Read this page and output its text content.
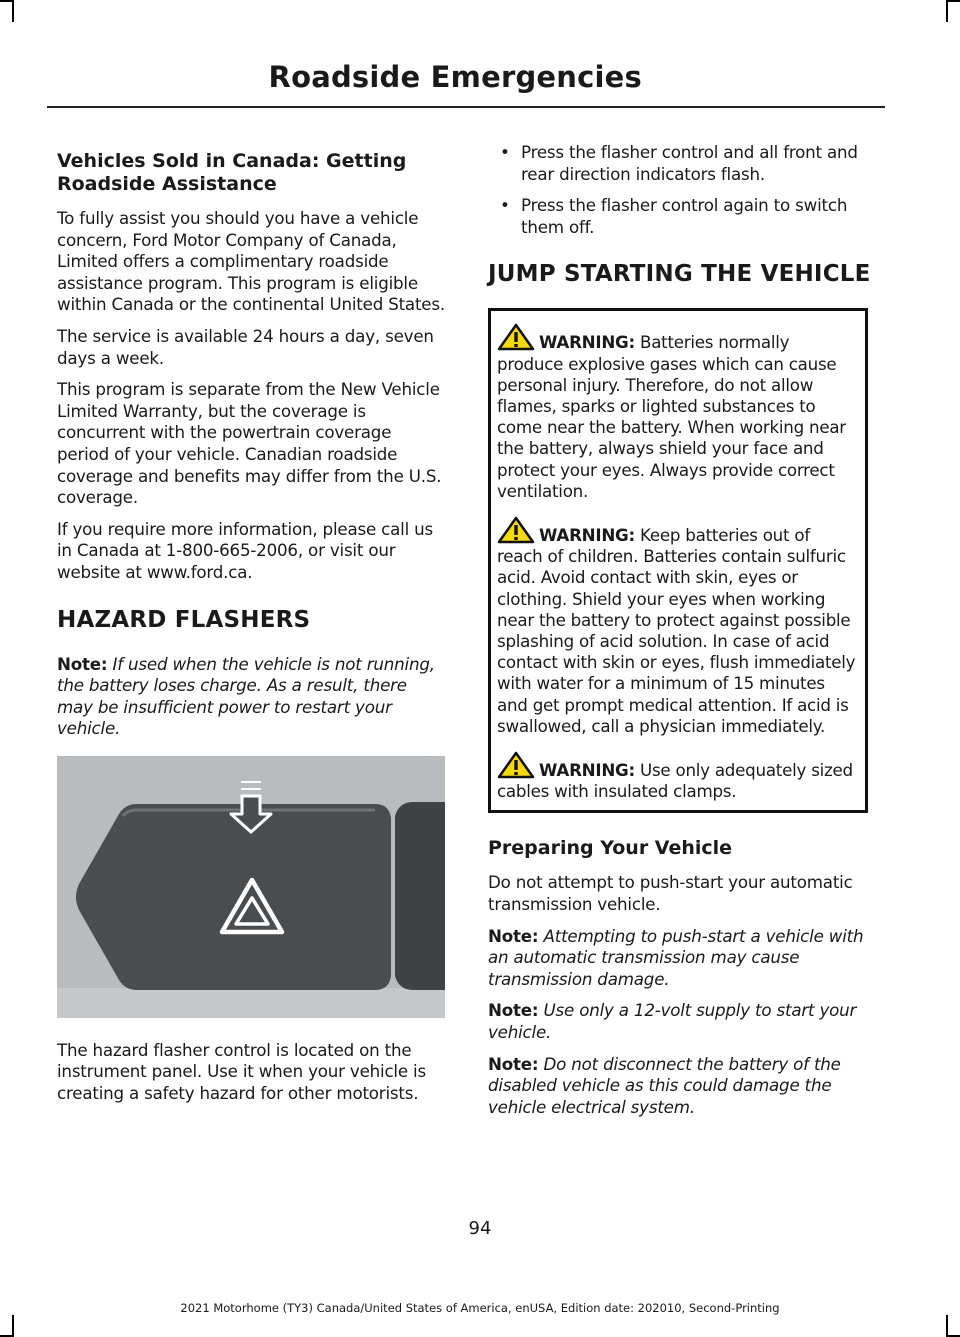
Roadside Emergencies
Vehicles Sold in Canada: Getting Roadside Assistance

To fully assist you should you have a vehicle concern, Ford Motor Company of Canada, Limited offers a complimentary roadside assistance program. This program is eligible within Canada or the continental United States.

The service is available 24 hours a day, seven days a week.

This program is separate from the New Vehicle Limited Warranty, but the coverage is concurrent with the powertrain coverage period of your vehicle. Canadian roadside coverage and benefits may differ from the U.S. coverage.

If you require more information, please call us in Canada at 1-800-665-2006, or visit our website at www.ford.ca.

HAZARD FLASHERS

Note: If used when the vehicle is not running, the battery loses charge. As a result, there may be insufficient power to restart your vehicle.

The hazard flasher control is located on the instrument panel. Use it when your vehicle is creating a safety hazard for other motorists.

• Press the flasher control and all front and rear direction indicators flash.
• Press the flasher control again to switch them off.
JUMP STARTING THE VEHICLE
WARNING: Batteries normally produce explosive gases which can cause personal injury. Therefore, do not allow flames, sparks or lighted substances to come near the battery. When working near the battery, always shield your face and protect your eyes. Always provide correct ventilation.
WARNING: Keep batteries out of reach of children. Batteries contain sulfuric acid. Avoid contact with skin, eyes or clothing. Shield your eyes when working near the battery to protect against possible splashing of acid solution. In case of acid contact with skin or eyes, flush immediately with water for a minimum of 15 minutes and get prompt medical attention. If acid is swallowed, call a physician immediately.
WARNING: Use only adequately sized cables with insulated clamps.
Preparing Your Vehicle

Do not attempt to push-start your automatic transmission vehicle.

Note: Attempting to push-start a vehicle with an automatic transmission may cause transmission damage.

Note: Use only a 12-volt supply to start your vehicle.

Note: Do not disconnect the battery of the disabled vehicle as this could damage the vehicle electrical system.

94
2021 Motorhome (TY3) Canada/United States of America, enUSA, Edition date: 202010, Second-Printing
